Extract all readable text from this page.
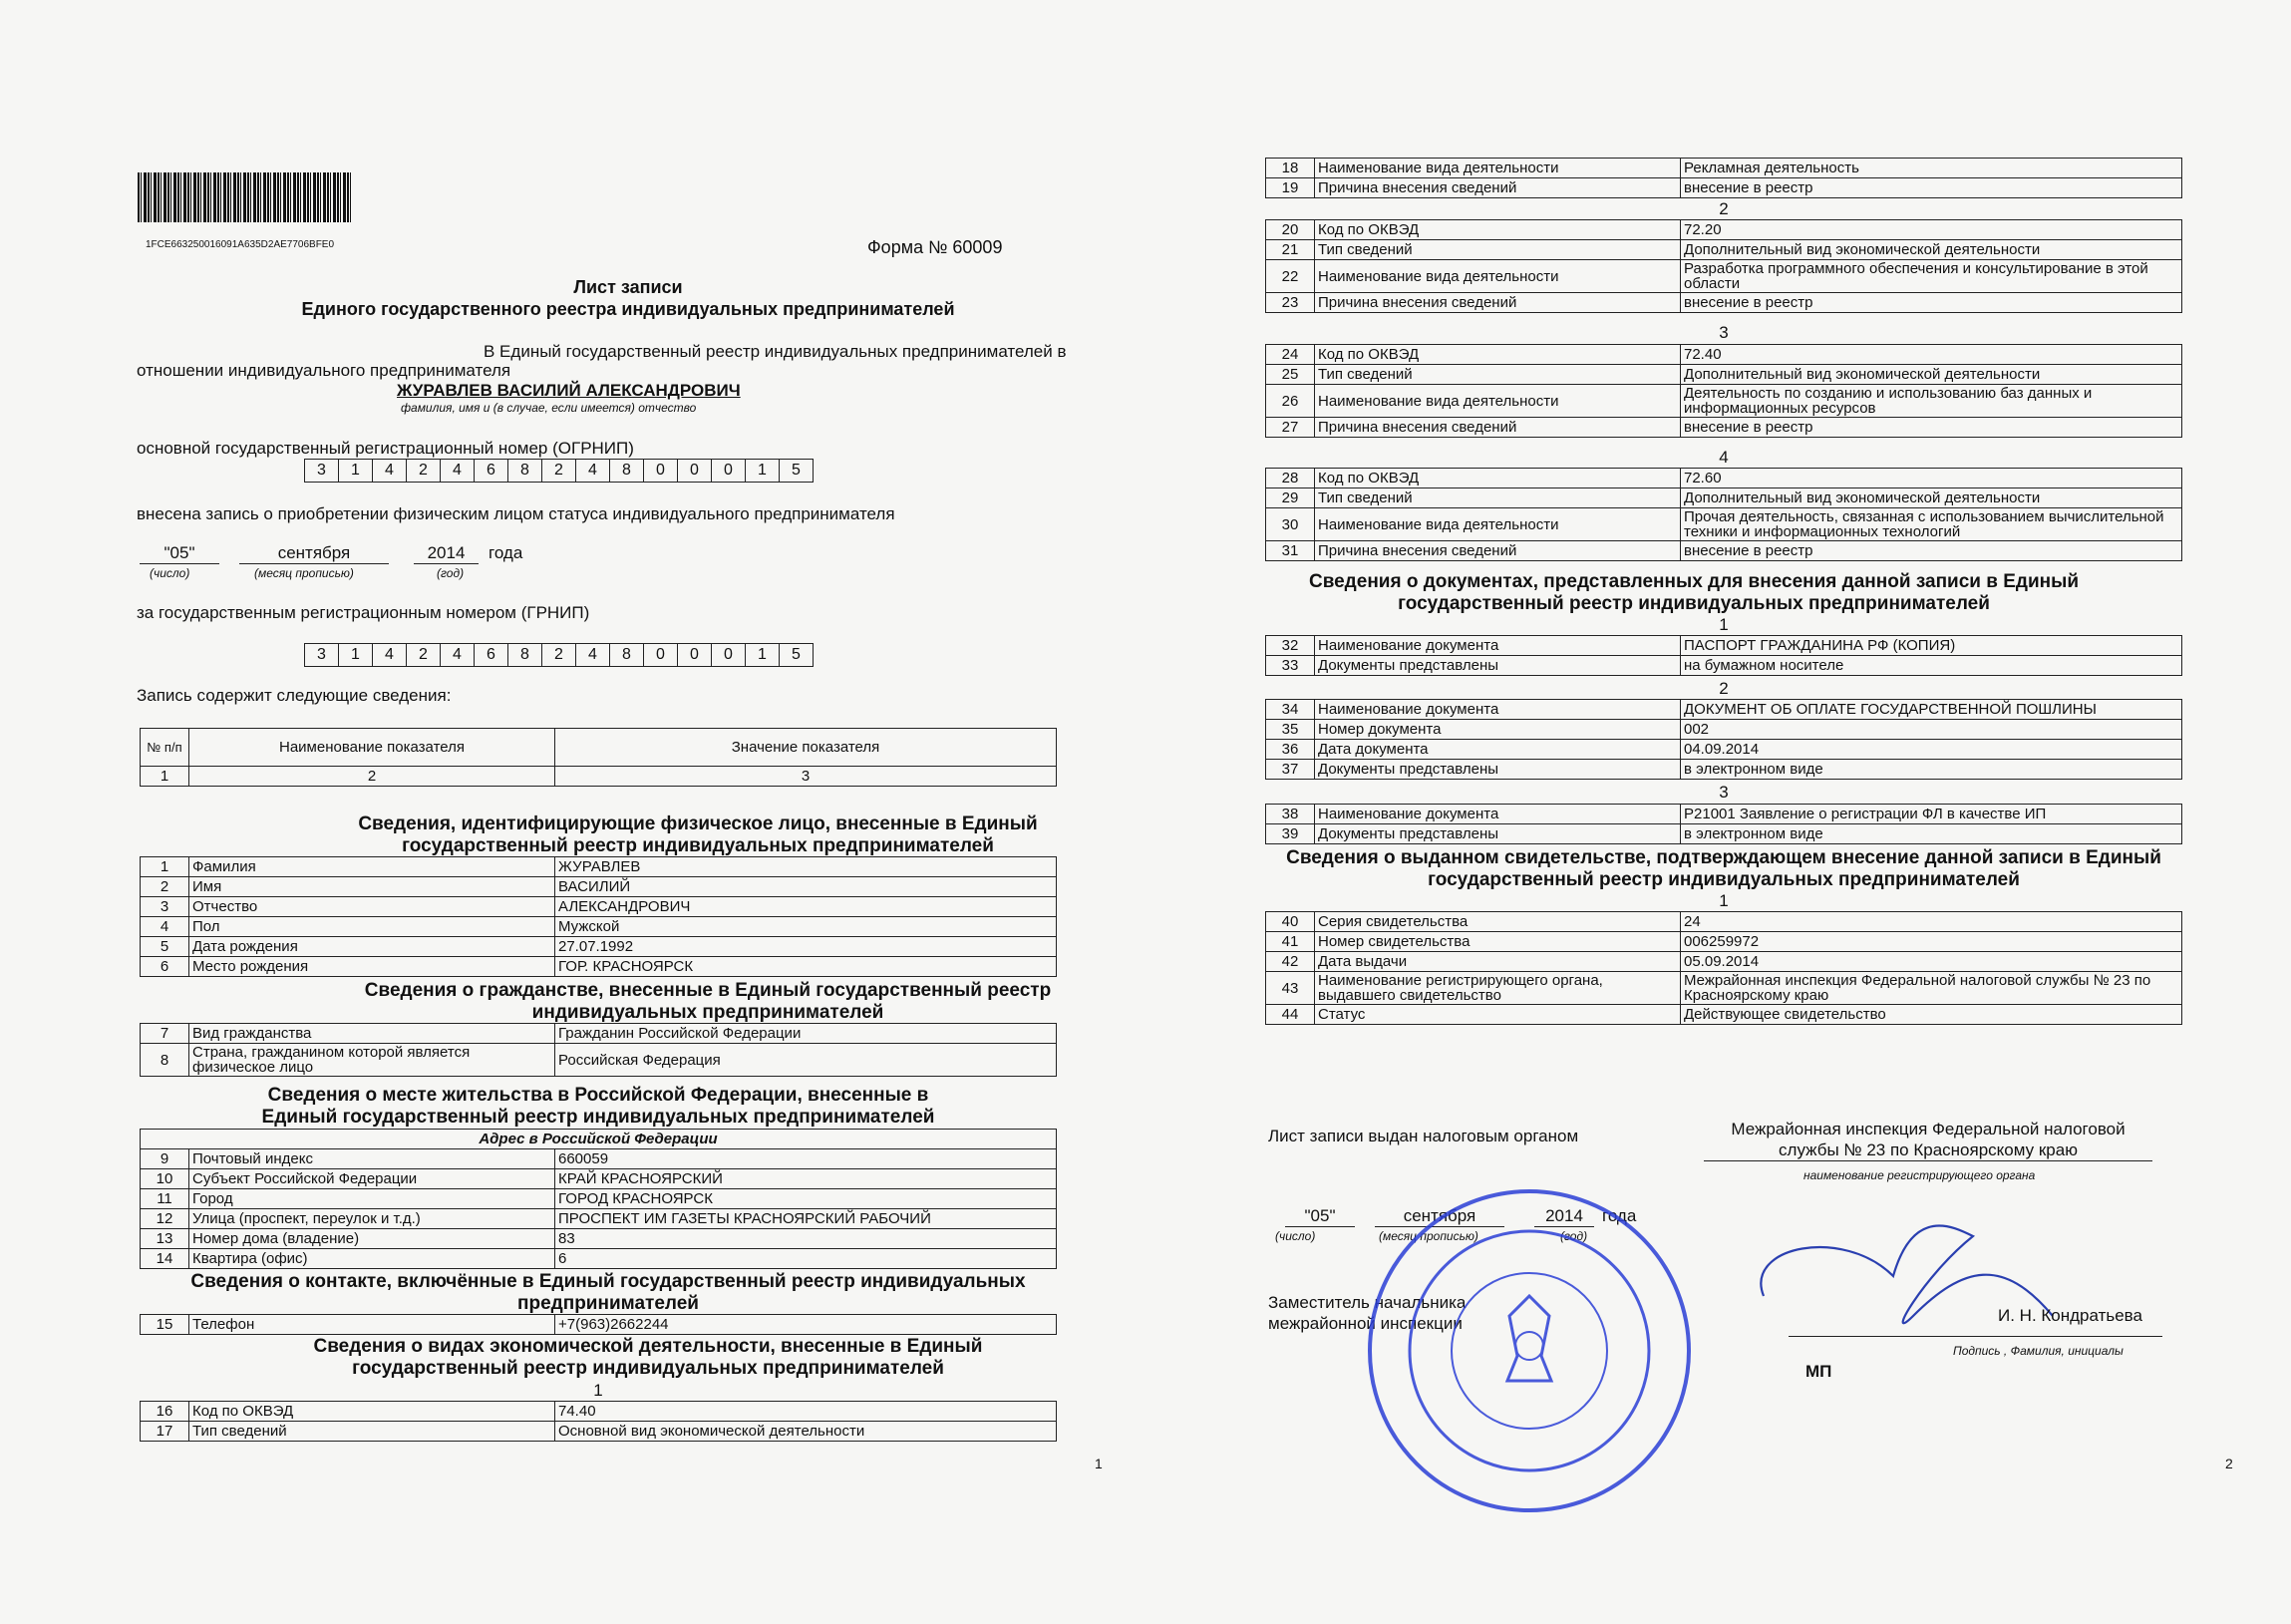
1FCE663250016091A635D2AE7706BFE0	Форма № 60009
Лист записи
Единого государственного реестра индивидуальных предпринимателей
В Единый государственный реестр индивидуальных предпринимателей в
отношении индивидуального предпринимателя
ЖУРАВЛЕВ ВАСИЛИЙ АЛЕКСАНДРОВИЧ
фамилия, имя и (в случае, если имеется) отчество
основной государственный регистрационный номер (ОГРНИП)
3	1	4	2	4	6	8	2	4	8	0	0	0	1	5
внесена запись о приобретении физическим лицом статуса индивидуального предпринимателя
"05"	сентября	2014	года
(число)	(месяц прописью)	(год)
за государственным регистрационным номером (ГРНИП)
3	1	4	2	4	6	8	2	4	8	0	0	0	1	5
Запись содержит следующие сведения:
№ п/п	Наименование показателя	Значение показателя
1	2	3
Сведения, идентифицирующие физическое лицо, внесенные в Единый государственный реестр индивидуальных предпринимателей
1	Фамилия	ЖУРАВЛЕВ
2	Имя	ВАСИЛИЙ
3	Отчество	АЛЕКСАНДРОВИЧ
4	Пол	Мужской
5	Дата рождения	27.07.1992
6	Место рождения	ГОР. КРАСНОЯРСК
Сведения о гражданстве, внесенные в Единый государственный реестр индивидуальных предпринимателей
7	Вид гражданства	Гражданин Российской Федерации
8	Страна, гражданином которой является физическое лицо	Российская Федерация
Сведения о месте жительства в Российской Федерации, внесенные в Единый государственный реестр индивидуальных предпринимателей
Адрес в Российской Федерации		
9	Почтовый индекс	660059
10	Субъект Российской Федерации	КРАЙ КРАСНОЯРСКИЙ
11	Город	ГОРОД КРАСНОЯРСК
12	Улица (проспект, переулок и т.д.)	ПРОСПЕКТ ИМ ГАЗЕТЫ КРАСНОЯРСКИЙ РАБОЧИЙ
13	Номер дома (владение)	83
14	Квартира (офис)	6
Сведения о контакте, включённые в Единый государственный реестр индивидуальных предпринимателей
15	Телефон	+7(963)2662244
Сведения о видах экономической деятельности, внесенные в Единый государственный реестр индивидуальных предпринимателей
1
16	Код по ОКВЭД	74.40
17	Тип сведений	Основной вид экономической деятельности
1
18	Наименование вида деятельности	Рекламная деятельность
19	Причина внесения сведений	внесение в реестр
2
20	Код по ОКВЭД	72.20
21	Тип сведений	Дополнительный вид экономической деятельности
22	Наименование вида деятельности	Разработка программного обеспечения и консультирование в этой области
23	Причина внесения сведений	внесение в реестр
3
24	Код по ОКВЭД	72.40
25	Тип сведений	Дополнительный вид экономической деятельности
26	Наименование вида деятельности	Деятельность по созданию и использованию баз данных и информационных ресурсов
27	Причина внесения сведений	внесение в реестр
4
28	Код по ОКВЭД	72.60
29	Тип сведений	Дополнительный вид экономической деятельности
30	Наименование вида деятельности	Прочая деятельность, связанная с использованием вычислительной техники и информационных технологий
31	Причина внесения сведений	внесение в реестр
Сведения о документах, представленных для внесения данной записи в Единый государственный реестр индивидуальных предпринимателей
1
32	Наименование документа	ПАСПОРТ ГРАЖДАНИНА РФ (КОПИЯ)
33	Документы представлены	на бумажном носителе
2
34	Наименование документа	ДОКУМЕНТ ОБ ОПЛАТЕ ГОСУДАРСТВЕННОЙ ПОШЛИНЫ
35	Номер документа	002
36	Дата документа	04.09.2014
37	Документы представлены	в электронном виде
3
38	Наименование документа	Р21001 Заявление о регистрации ФЛ в качестве ИП
39	Документы представлены	в электронном виде
Сведения о выданном свидетельстве, подтверждающем внесение данной записи в Единый государственный реестр индивидуальных предпринимателей
1
40	Серия свидетельства	24
41	Номер свидетельства	006259972
42	Дата выдачи	05.09.2014
43	Наименование регистрирующего органа, выдавшего свидетельство	Межрайонная инспекция Федеральной налоговой службы № 23 по Красноярскому краю
44	Статус	Действующее свидетельство
Лист записи выдан налоговым органом	Межрайонная инспекция Федеральной налоговой службы № 23 по Красноярскому краю
наименование регистрирующего органа
"05"	сентября	2014	года
(число)	(месяц прописью)	(год)
Заместитель начальника
межрайонной инспекции	И. Н. Кондратьева
Подпись , Фамилия, инициалы
МП
2
